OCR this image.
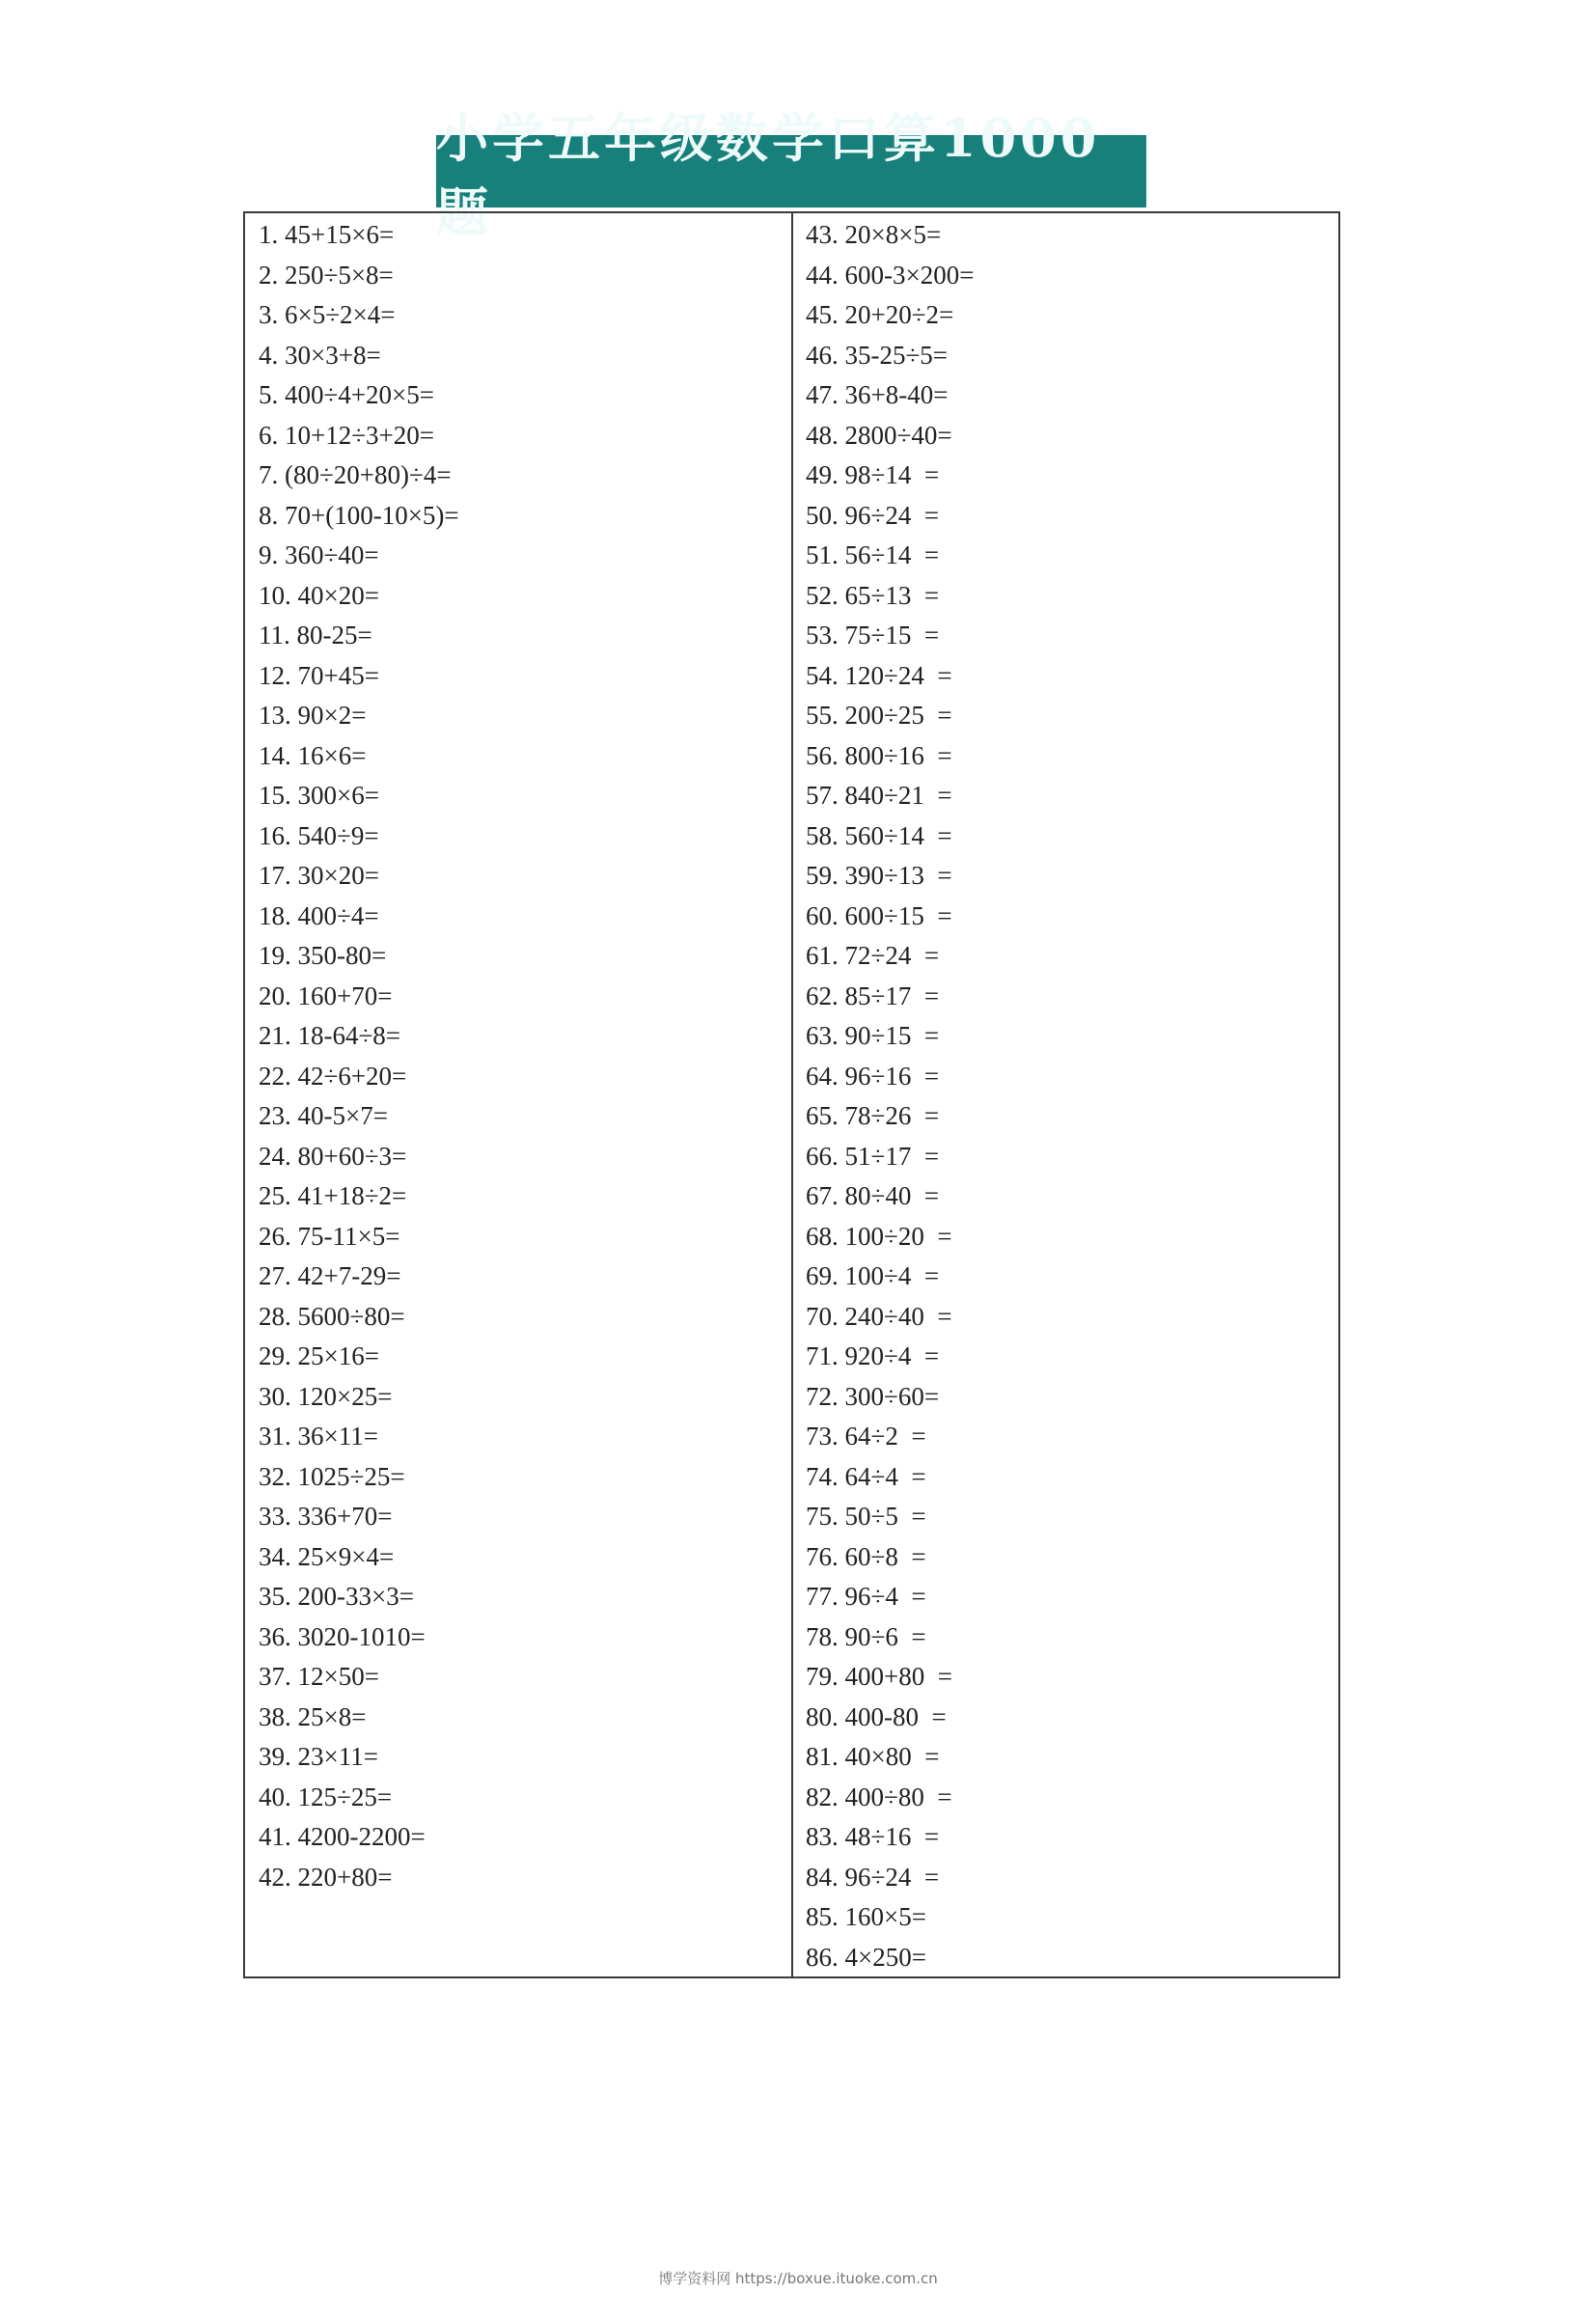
小学五年级数学口算1000题
1. 45+15×6=
2. 250÷5×8=
3. 6×5÷2×4=
4. 30×3+8=
5. 400÷4+20×5=
6. 10+12÷3+20=
7. (80÷20+80)÷4=
8. 70+(100-10×5)=
9. 360÷40=
10. 40×20=
11. 80-25=
12. 70+45=
13. 90×2=
14. 16×6=
15. 300×6=
16. 540÷9=
17. 30×20=
18. 400÷4=
19. 350-80=
20. 160+70=
21. 18-64÷8=
22. 42÷6+20=
23. 40-5×7=
24. 80+60÷3=
25. 41+18÷2=
26. 75-11×5=
27. 42+7-29=
28. 5600÷80=
29. 25×16=
30. 120×25=
31. 36×11=
32. 1025÷25=
33. 336+70=
34. 25×9×4=
35. 200-33×3=
36. 3020-1010=
37. 12×50=
38. 25×8=
39. 23×11=
40. 125÷25=
41. 4200-2200=
42. 220+80=
43. 20×8×5=
44. 600-3×200=
45. 20+20÷2=
46. 35-25÷5=
47. 36+8-40=
48. 2800÷40=
49. 98÷14  =
50. 96÷24  =
51. 56÷14  =
52. 65÷13  =
53. 75÷15  =
54. 120÷24  =
55. 200÷25  =
56. 800÷16  =
57. 840÷21  =
58. 560÷14  =
59. 390÷13  =
60. 600÷15  =
61. 72÷24  =
62. 85÷17  =
63. 90÷15  =
64. 96÷16  =
65. 78÷26  =
66. 51÷17  =
67. 80÷40  =
68. 100÷20  =
69. 100÷4  =
70. 240÷40  =
71. 920÷4  =
72. 300÷60=
73. 64÷2  =
74. 64÷4  =
75. 50÷5  =
76. 60÷8  =
77. 96÷4  =
78. 90÷6  =
79. 400+80  =
80. 400-80  =
81. 40×80  =
82. 400÷80  =
83. 48÷16  =
84. 96÷24  =
85. 160×5=
86. 4×250=
博学资料网 https://boxue.ituoke.com.cn
